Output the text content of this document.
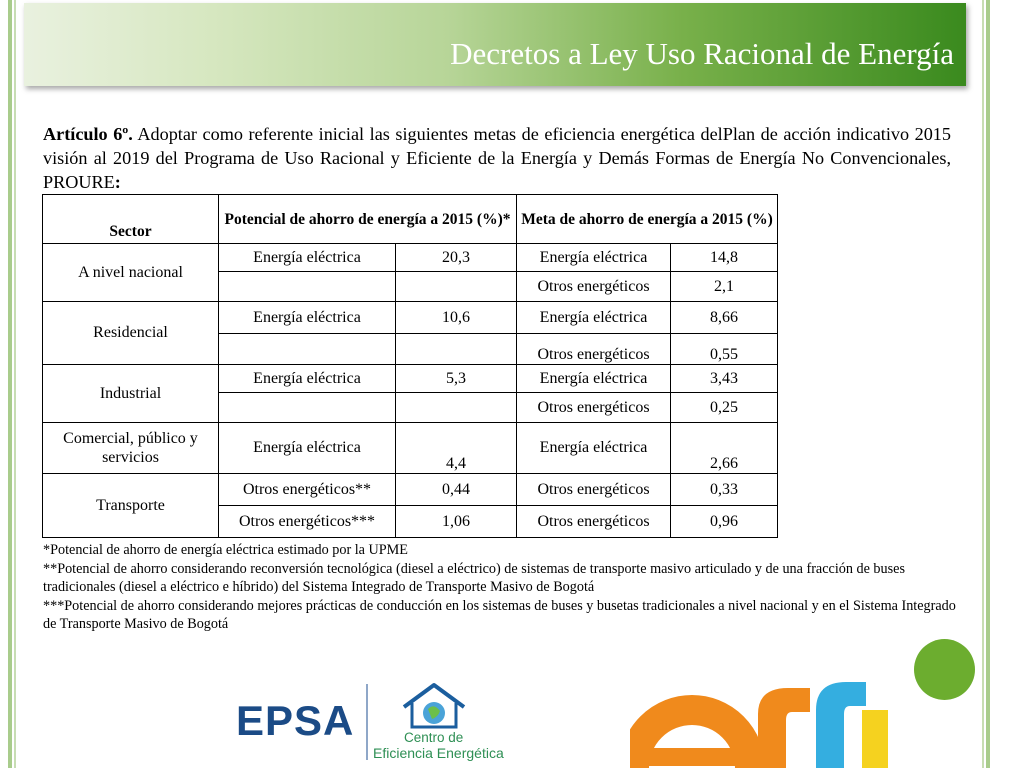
Decretos a Ley Uso Racional de Energía
Artículo 6º. Adoptar como referente inicial las siguientes metas de eficiencia energética delPlan de acción indicativo 2015 visión al 2019 del Programa de Uso Racional y Eficiente de la Energía y Demás Formas de Energía No Convencionales, PROURE:
Sector	Potencial de ahorro de energía a 2015 (%)*		Meta de ahorro de energía a 2015 (%)	
A nivel nacional	Energía eléctrica	20,3	Energía eléctrica	14,8
			Otros energéticos	2,1
Residencial	Energía eléctrica	10,6	Energía eléctrica	8,66
			Otros energéticos	0,55
Industrial	Energía eléctrica	5,3	Energía eléctrica	3,43
			Otros energéticos	0,25
Comercial, público y servicios	Energía eléctrica	4,4	Energía eléctrica	2,66
Transporte	Otros energéticos**	0,44	Otros energéticos	0,33
	Otros energéticos***	1,06	Otros energéticos	0,96

*Potencial de ahorro de energía eléctrica estimado por la UPME

**Potencial de ahorro considerando reconversión tecnológica (diesel a eléctrico) de sistemas de transporte masivo articulado y de una fracción de buses tradicionales (diesel a eléctrico e híbrido) del Sistema Integrado de Transporte Masivo de Bogotá

***Potencial de ahorro considerando mejores prácticas de conducción en los sistemas de buses y busetas tradicionales a nivel nacional y en el Sistema Integrado de Transporte Masivo de Bogotá

EPSA	Centro de
Eficiencia Energética
